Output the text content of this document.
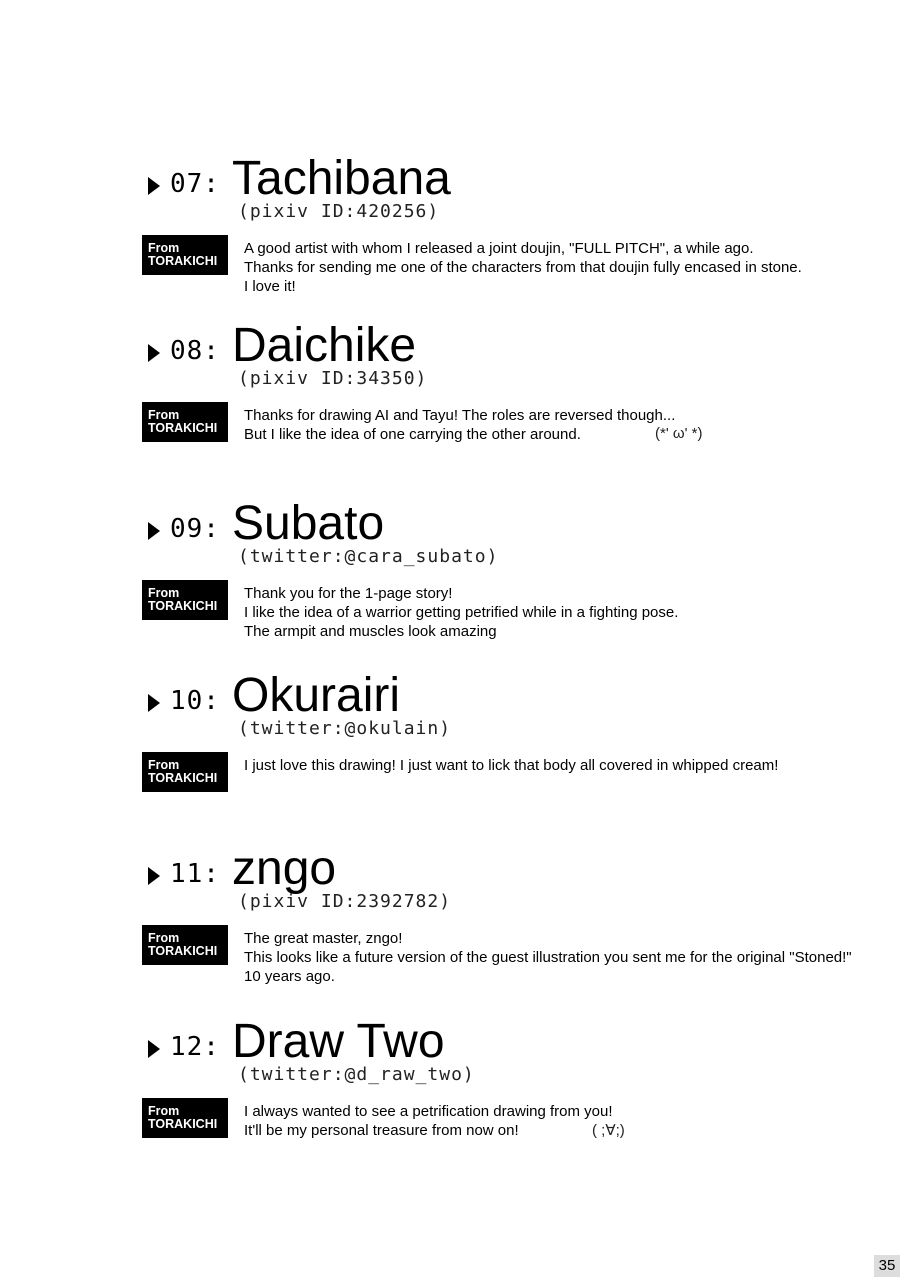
07: Tachibana
(pixiv ID:420256)
From
TORAKICHI
A good artist with whom I released a joint doujin, "FULL PITCH", a while ago.
Thanks for sending me one of the characters from that doujin fully encased in stone.
I love it!
08: Daichike
(pixiv ID:34350)
From
TORAKICHI
Thanks for drawing AI and Tayu! The roles are reversed though...
But I like the idea of one carrying the other around.	(*' ω' *)
09: Subato
(twitter:@cara_subato)
From
TORAKICHI
Thank you for the 1-page story!
I like the idea of a warrior getting petrified while in a fighting pose.
The armpit and muscles look amazing
10: Okurairi
(twitter:@okulain)
From
TORAKICHI
I just love this drawing! I just want to lick that body all covered in whipped cream!
11: zngo
(pixiv ID:2392782)
From
TORAKICHI
The great master, zngo!
This looks like a future version of the guest illustration you sent me for the original "Stoned!"
10 years ago.
12: Draw Two
(twitter:@d_raw_two)
From
TORAKICHI
I always wanted to see a petrification drawing from you!
It'll be my personal treasure from now on!	( ;∀;)
35
